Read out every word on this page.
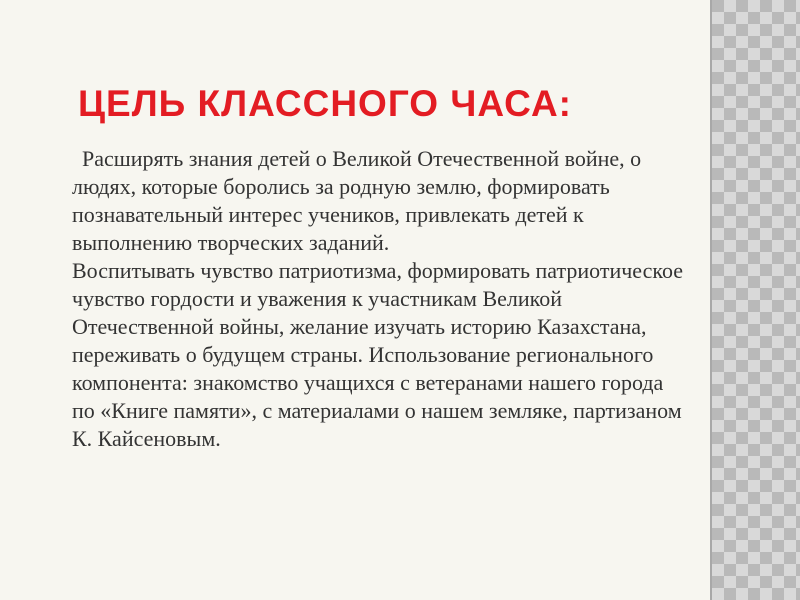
ЦЕЛЬ КЛАССНОГО ЧАСА:

Расширять знания детей о Великой Отечественной войне, о людях, которые боролись за родную землю, формировать познавательный интерес учеников, привлекать детей к выполнению творческих заданий.

Воспитывать чувство патриотизма, формировать патриотическое чувство гордости и уважения к участникам Великой Отечественной войны, желание изучать историю Казахстана, переживать о будущем страны. Использование регионального компонента: знакомство учащихся с ветеранами нашего города по «Книге памяти», с материалами о нашем земляке, партизаном К. Кайсеновым.
